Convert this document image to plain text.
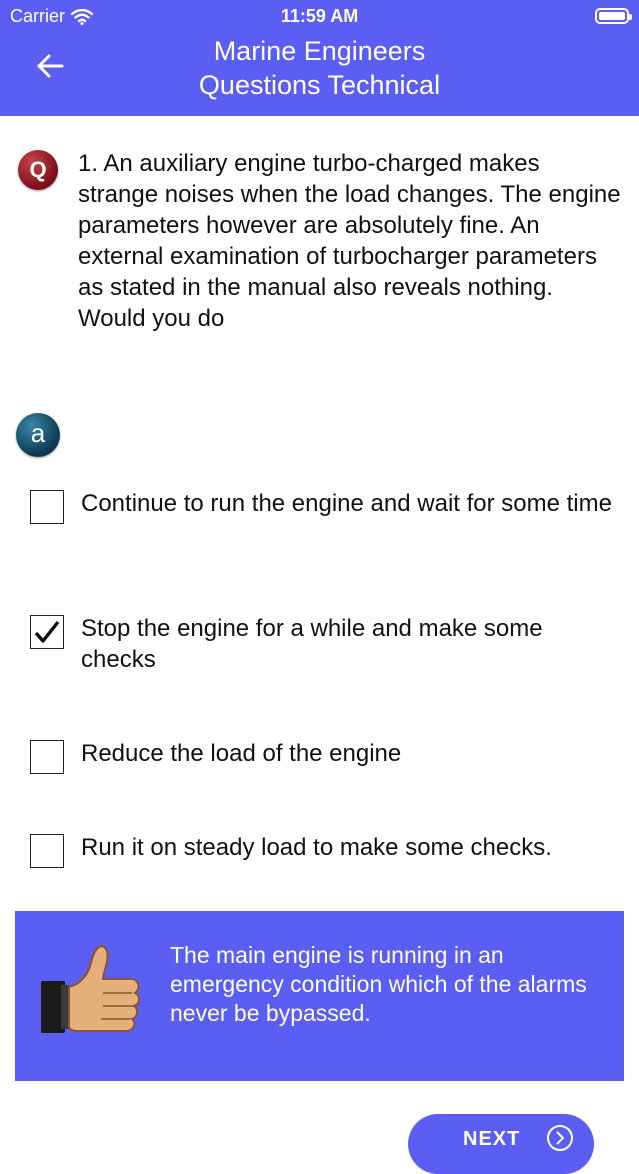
Carrier	11:59 AM
Marine Engineers
Questions Technical
Q	1. An auxiliary engine turbo-charged makes strange noises when the load changes. The engine parameters however are absolutely fine. An external examination of turbocharger parameters as stated in the manual also reveals nothing. Would you do
a
Continue to run the engine and wait for some time
Stop the engine for a while and make some checks
Reduce the load of the engine
Run it on steady load to make some checks.
The main engine is running in an emergency condition which of the alarms never be bypassed.
NEXT
